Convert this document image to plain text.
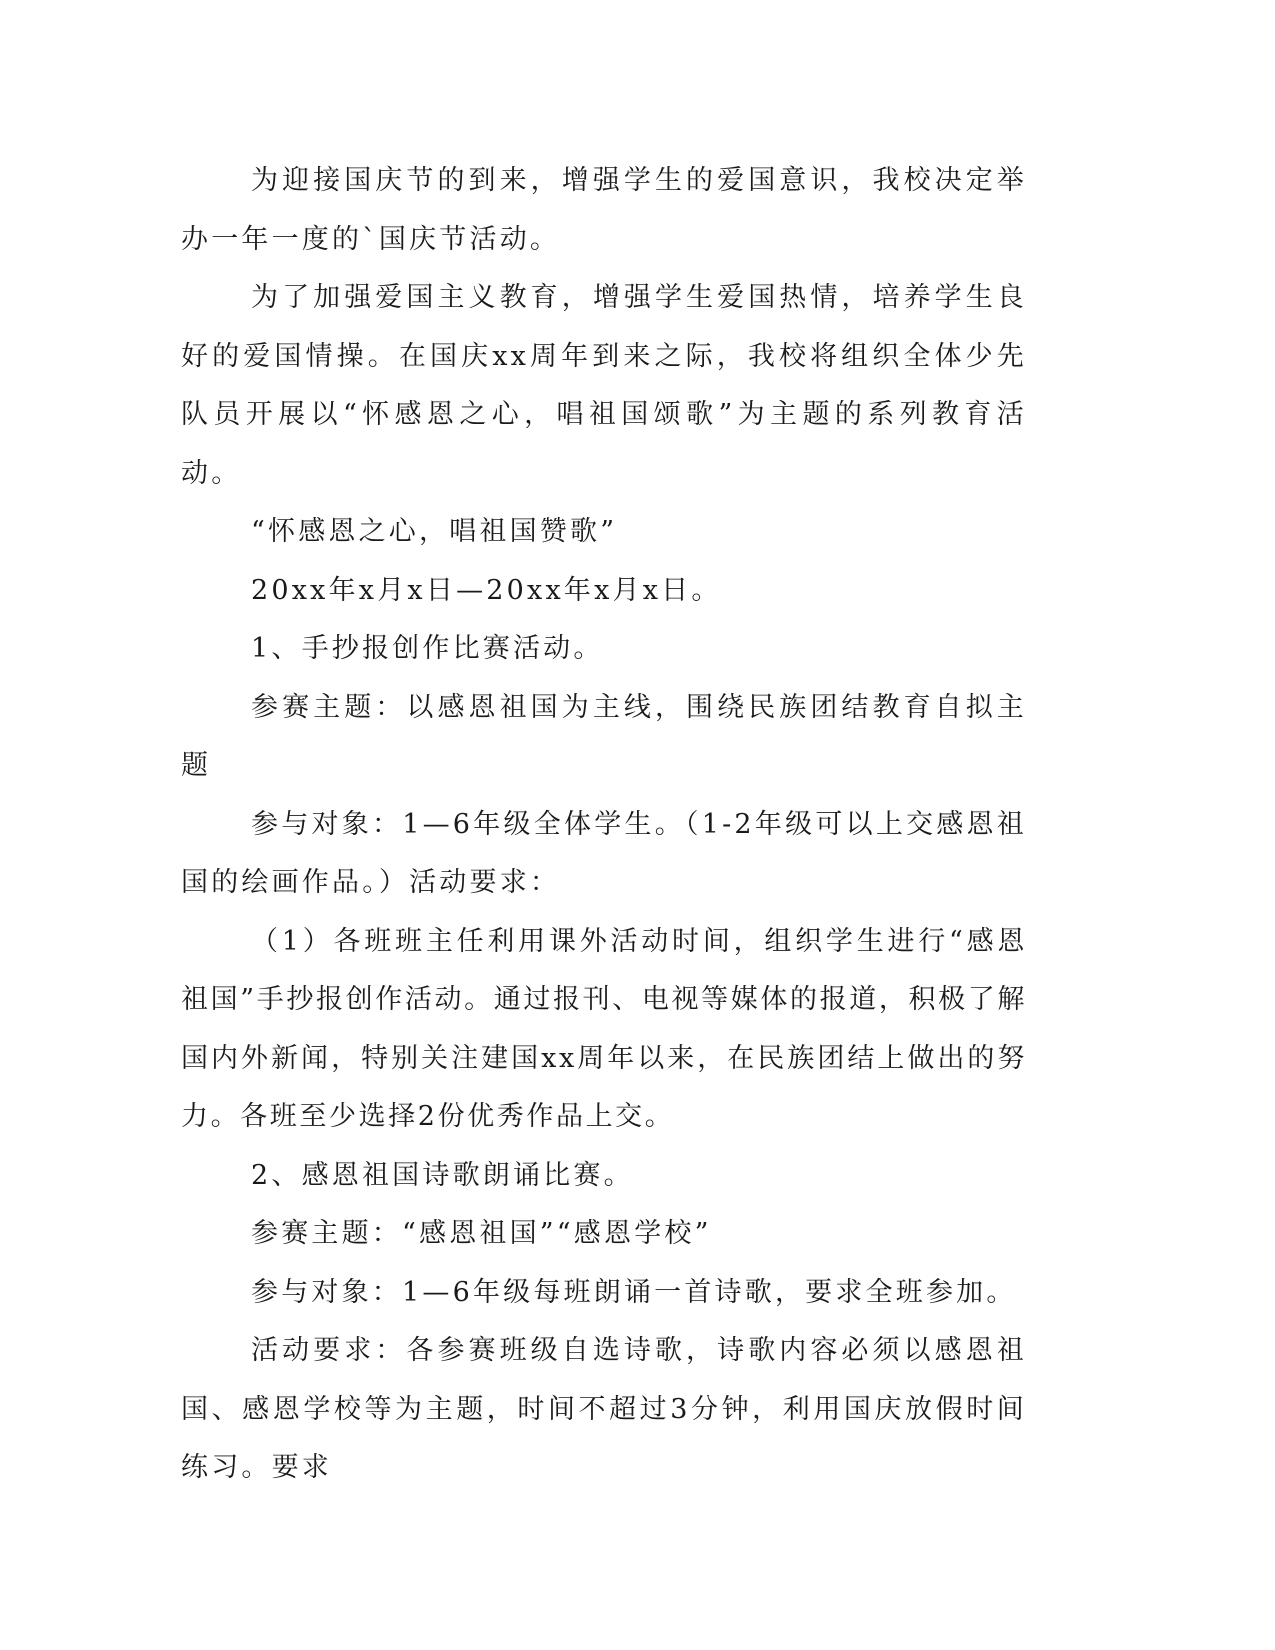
为迎接国庆节的到来，增强学生的爱国意识，我校决定举办一年一度的`国庆节活动。

为了加强爱国主义教育，增强学生爱国热情，培养学生良好的爱国情操。在国庆xx周年到来之际，我校将组织全体少先队员开展以“怀感恩之心，唱祖国颂歌”为主题的系列教育活动。

“怀感恩之心，唱祖国赞歌”

20xx年x月x日—20xx年x月x日。

1、手抄报创作比赛活动。

参赛主题：以感恩祖国为主线，围绕民族团结教育自拟主题

参与对象：1—6年级全体学生。（1-2年级可以上交感恩祖国的绘画作品。）活动要求：

（1）各班班主任利用课外活动时间，组织学生进行“感恩祖国”手抄报创作活动。通过报刊、电视等媒体的报道，积极了解国内外新闻，特别关注建国xx周年以来，在民族团结上做出的努力。各班至少选择2份优秀作品上交。

2、感恩祖国诗歌朗诵比赛。

参赛主题：“感恩祖国”“感恩学校”

参与对象：1—6年级每班朗诵一首诗歌，要求全班参加。

活动要求：各参赛班级自选诗歌，诗歌内容必须以感恩祖国、感恩学校等为主题，时间不超过3分钟，利用国庆放假时间练习。要求
